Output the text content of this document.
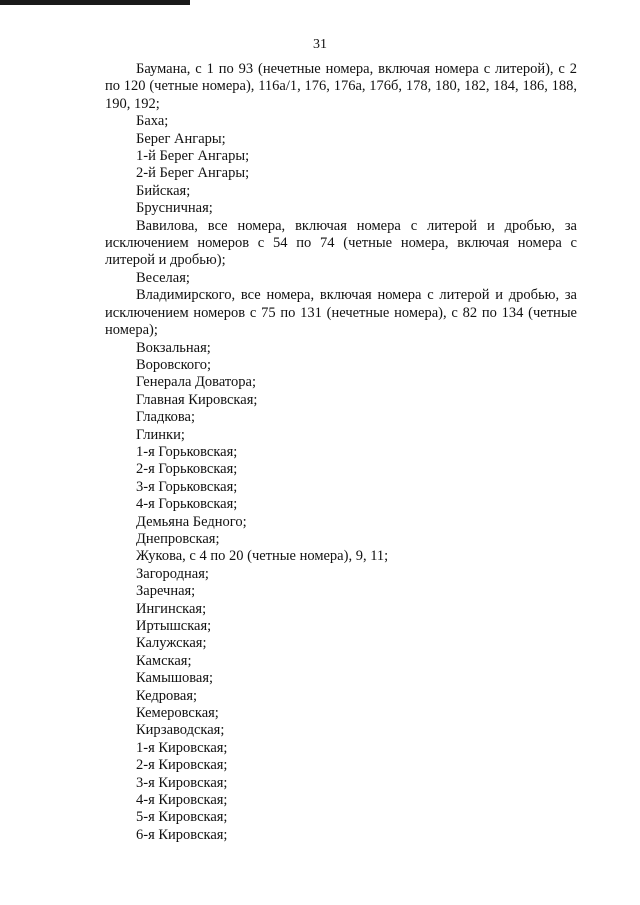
31

Баумана, с 1 по 93 (нечетные номера, включая номера с литерой), с 2 по 120 (четные номера), 116а/1, 176, 176а, 176б, 178, 180, 182, 184, 186, 188, 190, 192;

Баха;

Берег Ангары;

1-й Берег Ангары;

2-й Берег Ангары;

Бийская;

Брусничная;

Вавилова, все номера, включая номера с литерой и дробью, за исключением номеров с 54 по 74 (четные номера, включая номера с литерой и дробью);

Веселая;

Владимирского, все номера, включая номера с литерой и дробью, за исключением номеров с 75 по 131 (нечетные номера), с 82 по 134 (четные номера);

Вокзальная;

Воровского;

Генерала Доватора;

Главная Кировская;

Гладкова;

Глинки;

1-я Горьковская;

2-я Горьковская;

3-я Горьковская;

4-я Горьковская;

Демьяна Бедного;

Днепровская;

Жукова, с 4 по 20 (четные номера), 9, 11;

Загородная;

Заречная;

Ингинская;

Иртышская;

Калужская;

Камская;

Камышовая;

Кедровая;

Кемеровская;

Кирзаводская;

1-я Кировская;

2-я Кировская;

3-я Кировская;

4-я Кировская;

5-я Кировская;

6-я Кировская;
